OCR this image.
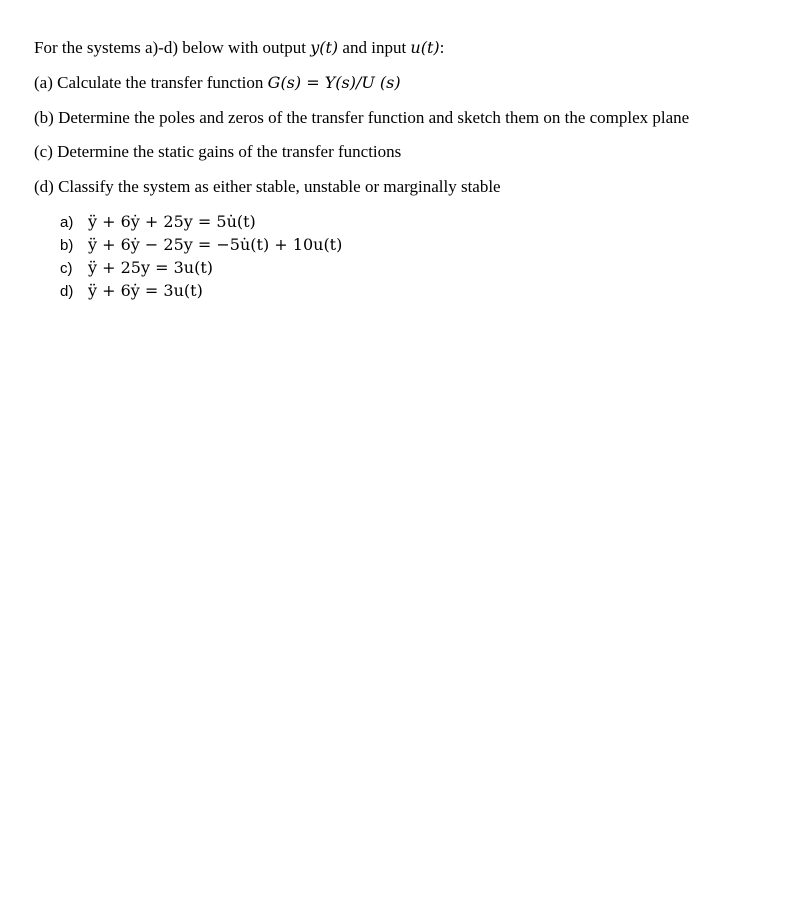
For the systems a)-d) below with output y(t) and input u(t):
(a) Calculate the transfer function G(s) = Y(s)/U (s)
(b) Determine the poles and zeros of the transfer function and sketch them on the complex plane
(c) Determine the static gains of the transfer functions
(d) Classify the system as either stable, unstable or marginally stable
a) ÿ + 6ẏ + 25y = 5u̇(t)
b) ÿ + 6ẏ − 25y = −5u̇(t) + 10u(t)
c) ÿ + 25y = 3u(t)
d) ÿ + 6ẏ = 3u(t)
